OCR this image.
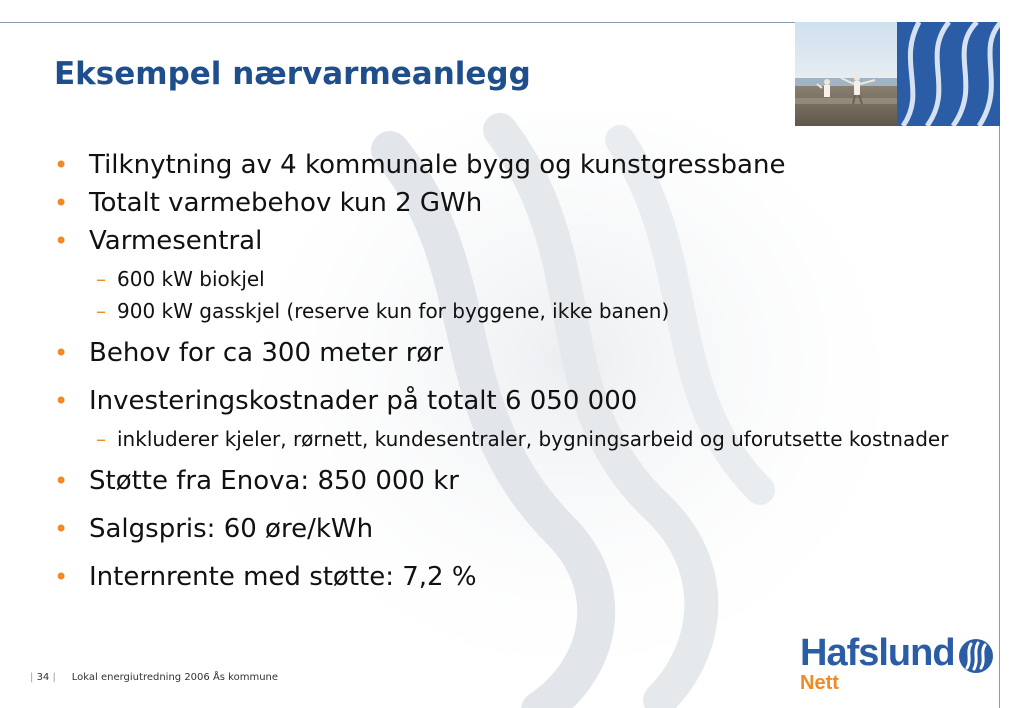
Eksempel nærvarmeanlegg
• Tilknytning av 4 kommunale bygg og kunstgressbane
• Totalt varmebehov kun 2 GWh
• Varmesentral
– 600 kW biokjel
– 900 kW gasskjel (reserve kun for byggene, ikke banen)
• Behov for ca 300 meter rør
• Investeringskostnader på totalt 6 050 000
– inkluderer kjeler, rørnett, kundesentraler, bygningsarbeid og uforutsette kostnader
• Støtte fra Enova: 850 000 kr
• Salgspris: 60 øre/kWh
• Internrente med støtte: 7,2 %
| 34 | Lokal energiutredning 2006 Ås kommune
Hafslund
Nett
